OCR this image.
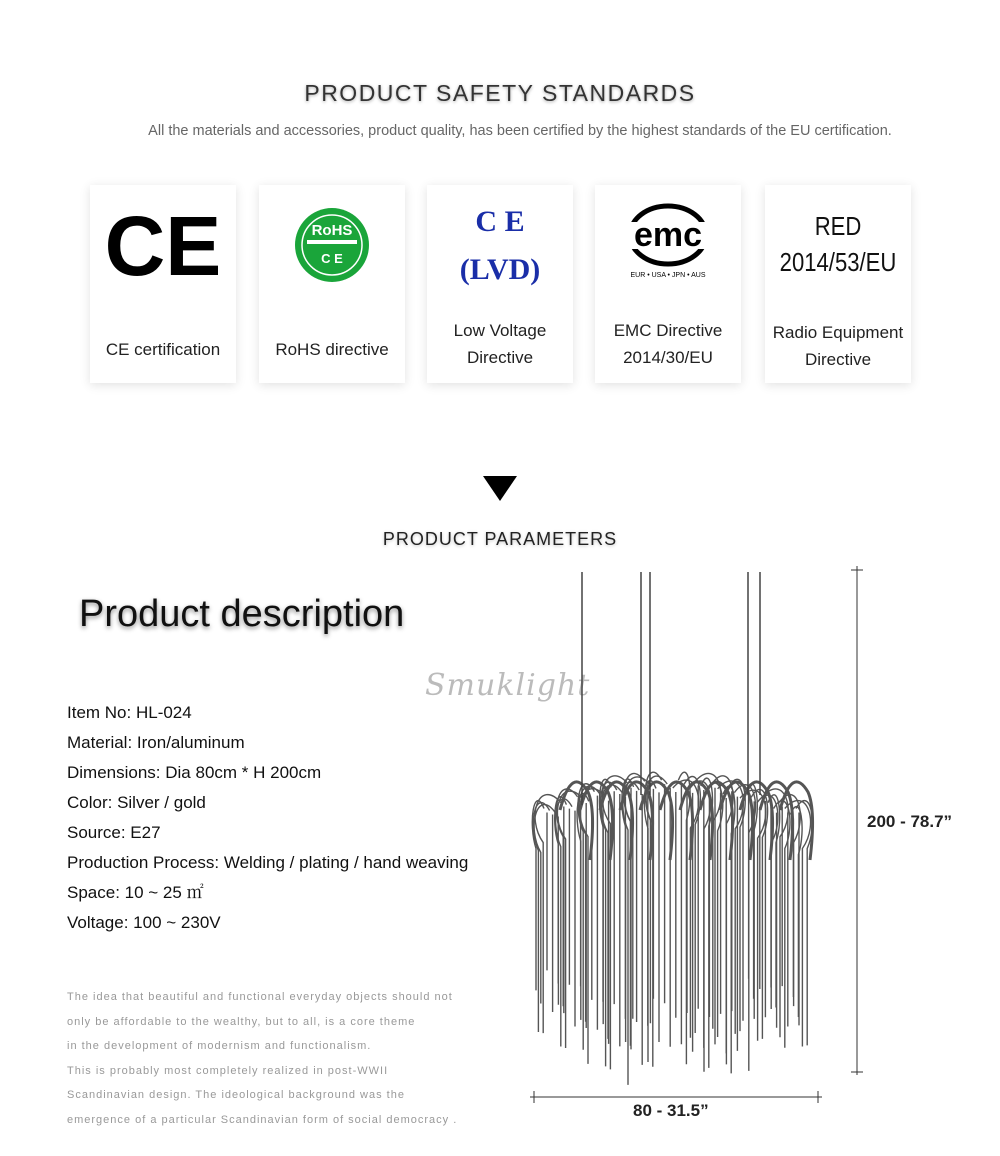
PRODUCT SAFETY STANDARDS
All the materials and accessories, product quality, has been certified by the highest standards of the EU certification.
CE
CE certification
RoHS
C E
RoHS directive
C E
(LVD)
Low Voltage
Directive
emc
EUR • USA • JPN • AUS
EMC Directive
2014/30/EU
RED
2014/53/EU
Radio Equipment
Directive
PRODUCT PARAMETERS
Product description
Smuklight
Item No: HL-024
Material: Iron/aluminum
Dimensions: Dia 80cm * H 200cm
Color: Silver / gold
Source: E27
Production Process: Welding / plating / hand weaving
Space: 10 ~ 25 ㎡
Voltage: 100 ~ 230V
The idea that beautiful and functional everyday objects should not
only be affordable to the wealthy, but to all, is a core theme
in the development of modernism and functionalism.
This is probably most completely realized in post-WWII
Scandinavian design. The ideological background was the
emergence of a particular Scandinavian form of social democracy .
200 - 78.7”
80 - 31.5”
